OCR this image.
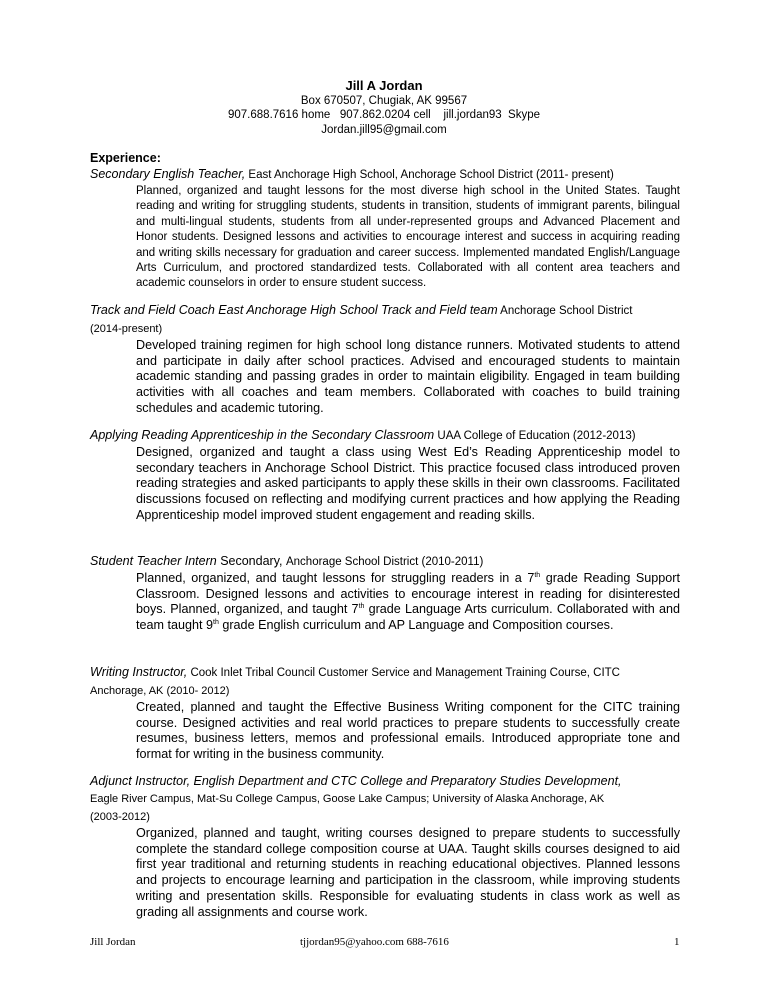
Jill A Jordan
Box 670507, Chugiak, AK 99567
907.688.7616 home   907.862.0204 cell    jill.jordan93  Skype
Jordan.jill95@gmail.com
Experience:
Secondary English Teacher, East Anchorage High School, Anchorage School District (2011- present)
Planned, organized and taught lessons for the most diverse high school in the United States. Taught reading and writing for struggling students, students in transition, students of immigrant parents, bilingual and multi-lingual students, students from all under-represented groups and Advanced Placement and Honor students. Designed lessons and activities to encourage interest and success in acquiring reading and writing skills necessary for graduation and career success. Implemented mandated English/Language Arts Curriculum, and proctored standardized tests. Collaborated with all content area teachers and academic counselors in order to ensure student success.
Track and Field Coach East Anchorage High School Track and Field team Anchorage School District
(2014-present)
Developed training regimen for high school long distance runners. Motivated students to attend and participate in daily after school practices. Advised and encouraged students to maintain academic standing and passing grades in order to maintain eligibility. Engaged in team building activities with all coaches and team members. Collaborated with coaches to build training schedules and academic tutoring.
Applying Reading Apprenticeship in the Secondary Classroom UAA College of Education (2012-2013)
Designed, organized and taught a class using West Ed’s Reading Apprenticeship model to secondary teachers in Anchorage School District. This practice focused class introduced proven reading strategies and asked participants to apply these skills in their own classrooms. Facilitated discussions focused on reflecting and modifying current practices and how applying the Reading Apprenticeship model improved student engagement and reading skills.
Student Teacher Intern Secondary, Anchorage School District (2010-2011)
Planned, organized, and taught lessons for struggling readers in a 7th grade Reading Support Classroom. Designed lessons and activities to encourage interest in reading for disinterested boys. Planned, organized, and taught 7th grade Language Arts curriculum. Collaborated with and team taught 9th grade English curriculum and AP Language and Composition courses.
Writing Instructor, Cook Inlet Tribal Council Customer Service and Management Training Course, CITC
Anchorage, AK (2010- 2012)
Created, planned and taught the Effective Business Writing component for the CITC training course. Designed activities and real world practices to prepare students to successfully create resumes, business letters, memos and professional emails. Introduced appropriate tone and format for writing in the business community.
Adjunct Instructor, English Department and CTC College and Preparatory Studies Development,
Eagle River Campus, Mat-Su College Campus, Goose Lake Campus; University of Alaska Anchorage, AK
(2003-2012)
Organized, planned and taught, writing courses designed to prepare students to successfully complete the standard college composition course at UAA. Taught skills courses designed to aid first year traditional and returning students in reaching educational objectives. Planned lessons and projects to encourage learning and participation in the classroom, while improving students writing and presentation skills. Responsible for evaluating students in class work as well as grading all assignments and course work.
Jill Jordan	tjjordan95@yahoo.com 688-7616	1
